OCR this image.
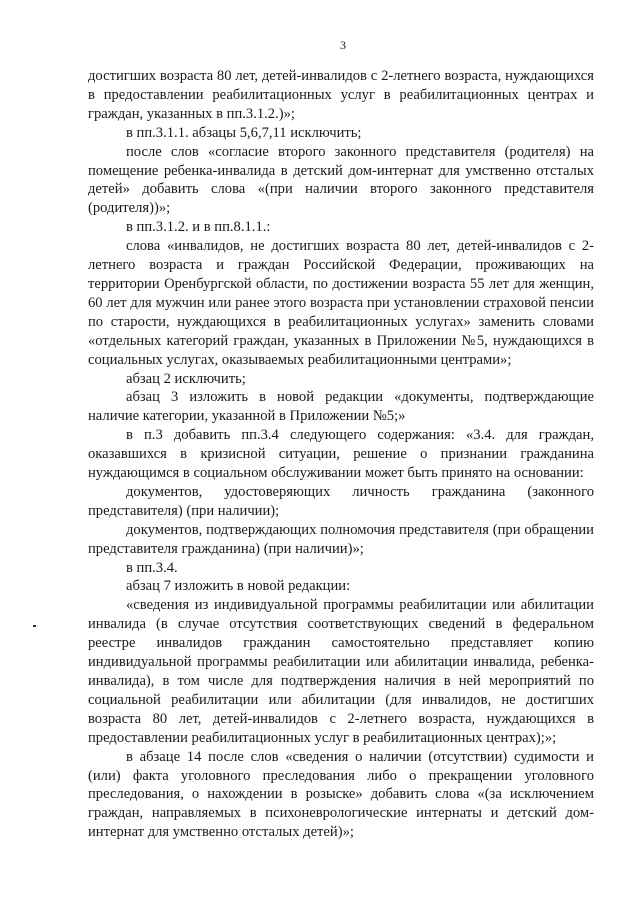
3

достигших возраста 80 лет, детей-инвалидов с 2-летнего возраста, нуждающихся в предоставлении реабилитационных услуг в реабилитационных центрах и граждан, указанных в пп.3.1.2.)»;

в пп.3.1.1. абзацы 5,6,7,11 исключить;

после слов «согласие второго законного представителя (родителя) на помещение ребенка-инвалида в детский дом-интернат для умственно отсталых детей» добавить слова «(при наличии второго законного представителя (родителя))»;

в пп.3.1.2. и в пп.8.1.1.:

слова «инвалидов, не достигших возраста 80 лет, детей-инвалидов с 2-летнего возраста и граждан Российской Федерации, проживающих на территории Оренбургской области, по достижении возраста 55 лет для женщин, 60 лет для мужчин или ранее этого возраста при установлении страховой пенсии по старости, нуждающихся в реабилитационных услугах» заменить словами «отдельных категорий граждан, указанных в Приложении №5, нуждающихся в социальных услугах, оказываемых реабилитационными центрами»;

абзац 2 исключить;

абзац 3 изложить в новой редакции «документы, подтверждающие наличие категории, указанной в Приложении №5;»

в п.3 добавить пп.3.4 следующего содержания: «3.4. для граждан, оказавшихся в кризисной ситуации, решение о признании гражданина нуждающимся в социальном обслуживании может быть принято на основании:

документов, удостоверяющих личность гражданина (законного представителя) (при наличии);

документов, подтверждающих полномочия представителя (при обращении представителя гражданина) (при наличии)»;

в пп.3.4.

абзац 7 изложить в новой редакции:

«сведения из индивидуальной программы реабилитации или абилитации инвалида (в случае отсутствия соответствующих сведений в федеральном реестре инвалидов гражданин самостоятельно представляет копию индивидуальной программы реабилитации или абилитации инвалида, ребенка-инвалида), в том числе для подтверждения наличия в ней мероприятий по социальной реабилитации или абилитации (для инвалидов, не достигших возраста 80 лет, детей-инвалидов с 2-летнего возраста, нуждающихся в предоставлении реабилитационных услуг в реабилитационных центрах);»;

в абзаце 14 после слов «сведения о наличии (отсутствии) судимости и (или) факта уголовного преследования либо о прекращении уголовного преследования, о нахождении в розыске» добавить слова «(за исключением граждан, направляемых в психоневрологические интернаты и детский дом-интернат для умственно отсталых детей)»;
